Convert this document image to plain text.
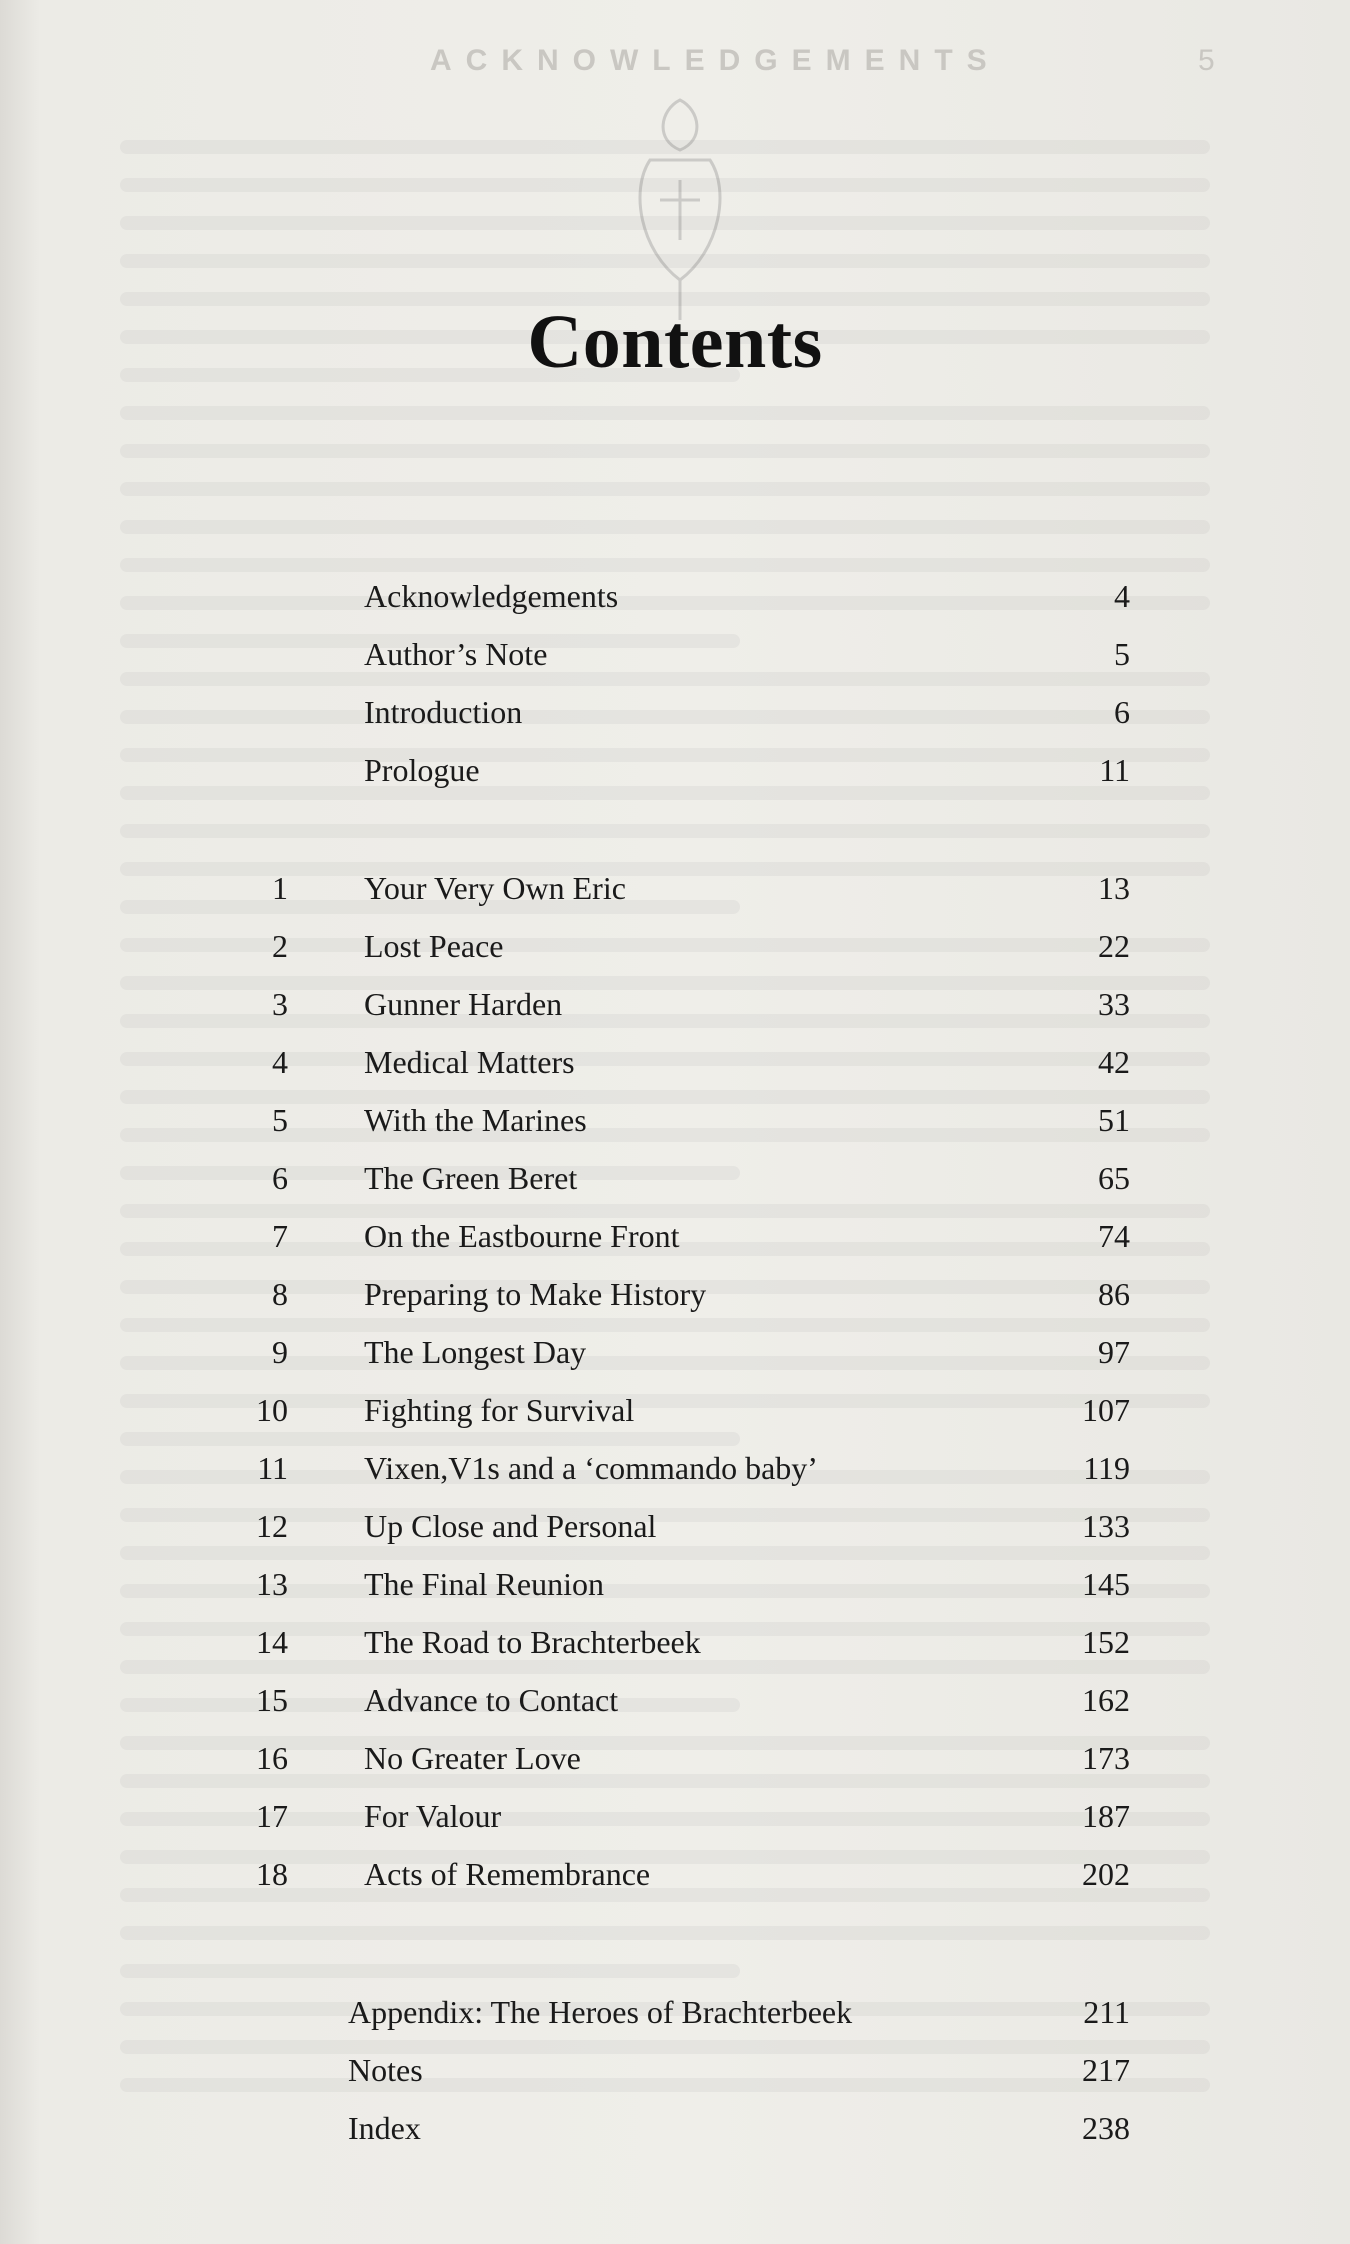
ACKNOWLEDGEMENTS	5
Contents
Acknowledgements	4
Author’s Note	5
Introduction	6
Prologue	11
1 Your Very Own Eric	13
2 Lost Peace	22
3 Gunner Harden	33
4 Medical Matters	42
5 With the Marines	51
6 The Green Beret	65
7 On the Eastbourne Front	74
8 Preparing to Make History	86
9 The Longest Day	97
10 Fighting for Survival	107
11 Vixen,V1s and a ‘commando baby’	119
12 Up Close and Personal	133
13 The Final Reunion	145
14 The Road to Brachterbeek	152
15 Advance to Contact	162
16 No Greater Love	173
17 For Valour	187
18 Acts of Remembrance	202
Appendix: The Heroes of Brachterbeek	211
Notes	217
Index	238
